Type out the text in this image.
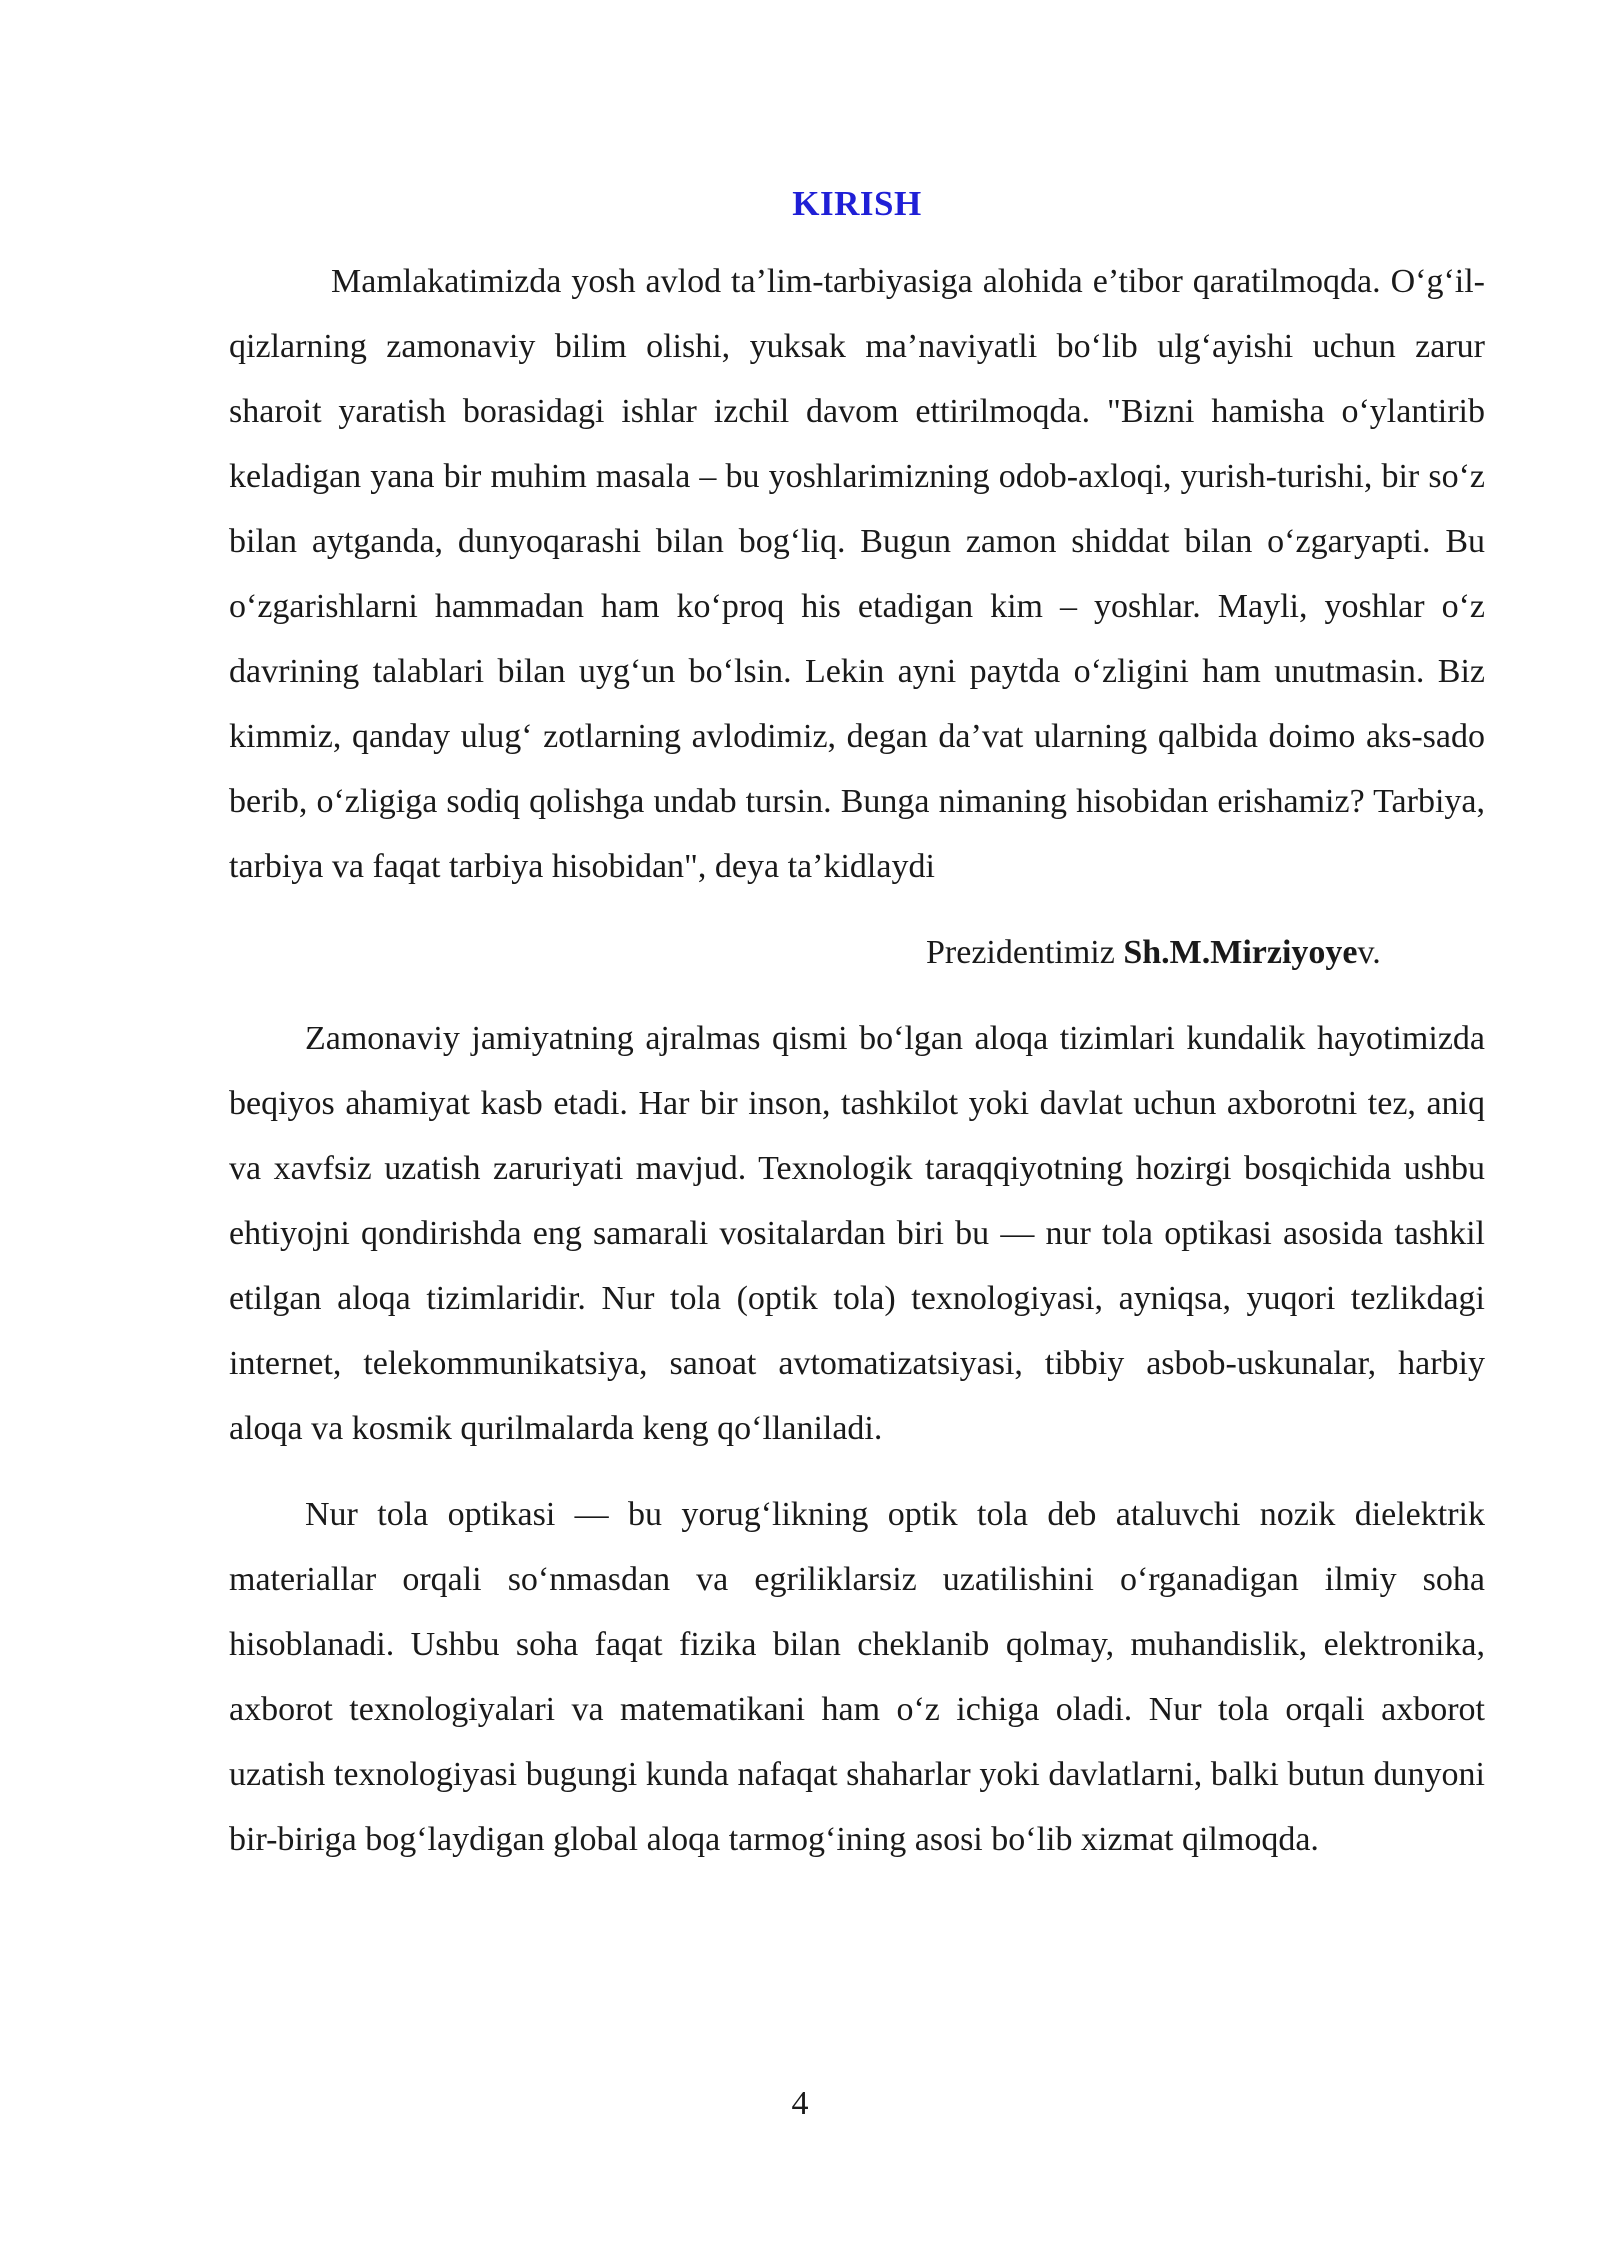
KIRISH

Mamlakatimizda yosh avlod ta’lim-tarbiyasiga alohida e’tibor qaratilmoqda. O‘g‘il-qizlarning zamonaviy bilim olishi, yuksak ma’naviyatli bo‘lib ulg‘ayishi uchun zarur sharoit yaratish borasidagi ishlar izchil davom ettirilmoqda. "Bizni hamisha o‘ylantirib keladigan yana bir muhim masala – bu yoshlarimizning odob-axloqi, yurish-turishi, bir so‘z bilan aytganda, dunyoqarashi bilan bog‘liq. Bugun zamon shiddat bilan o‘zgaryapti. Bu o‘zgarishlarni hammadan ham ko‘proq his etadigan kim – yoshlar. Mayli, yoshlar o‘z davrining talablari bilan uyg‘un bo‘lsin. Lekin ayni paytda o‘zligini ham unutmasin. Biz kimmiz, qanday ulug‘ zotlarning avlodimiz, degan da’vat ularning qalbida doimo aks-sado berib, o‘zligiga sodiq qolishga undab tursin. Bunga nimaning hisobidan erishamiz? Tarbiya, tarbiya va faqat tarbiya hisobidan", deya ta’kidlaydi

Prezidentimiz Sh.M.Mirziyoyev.

Zamonaviy jamiyatning ajralmas qismi bo‘lgan aloqa tizimlari kundalik hayotimizda beqiyos ahamiyat kasb etadi. Har bir inson, tashkilot yoki davlat uchun axborotni tez, aniq va xavfsiz uzatish zaruriyati mavjud. Texnologik taraqqiyotning hozirgi bosqichida ushbu ehtiyojni qondirishda eng samarali vositalardan biri bu — nur tola optikasi asosida tashkil etilgan aloqa tizimlaridir. Nur tola (optik tola) texnologiyasi, ayniqsa, yuqori tezlikdagi internet, telekommunikatsiya, sanoat avtomatizatsiyasi, tibbiy asbob-uskunalar, harbiy aloqa va kosmik qurilmalarda keng qo‘llaniladi.

Nur tola optikasi — bu yorug‘likning optik tola deb ataluvchi nozik dielektrik materiallar orqali so‘nmasdan va egriliklarsiz uzatilishini o‘rganadigan ilmiy soha hisoblanadi. Ushbu soha faqat fizika bilan cheklanib qolmay, muhandislik, elektronika, axborot texnologiyalari va matematikani ham o‘z ichiga oladi. Nur tola orqali axborot uzatish texnologiyasi bugungi kunda nafaqat shaharlar yoki davlatlarni, balki butun dunyoni bir-biriga bog‘laydigan global aloqa tarmog‘ining asosi bo‘lib xizmat qilmoqda.

4
